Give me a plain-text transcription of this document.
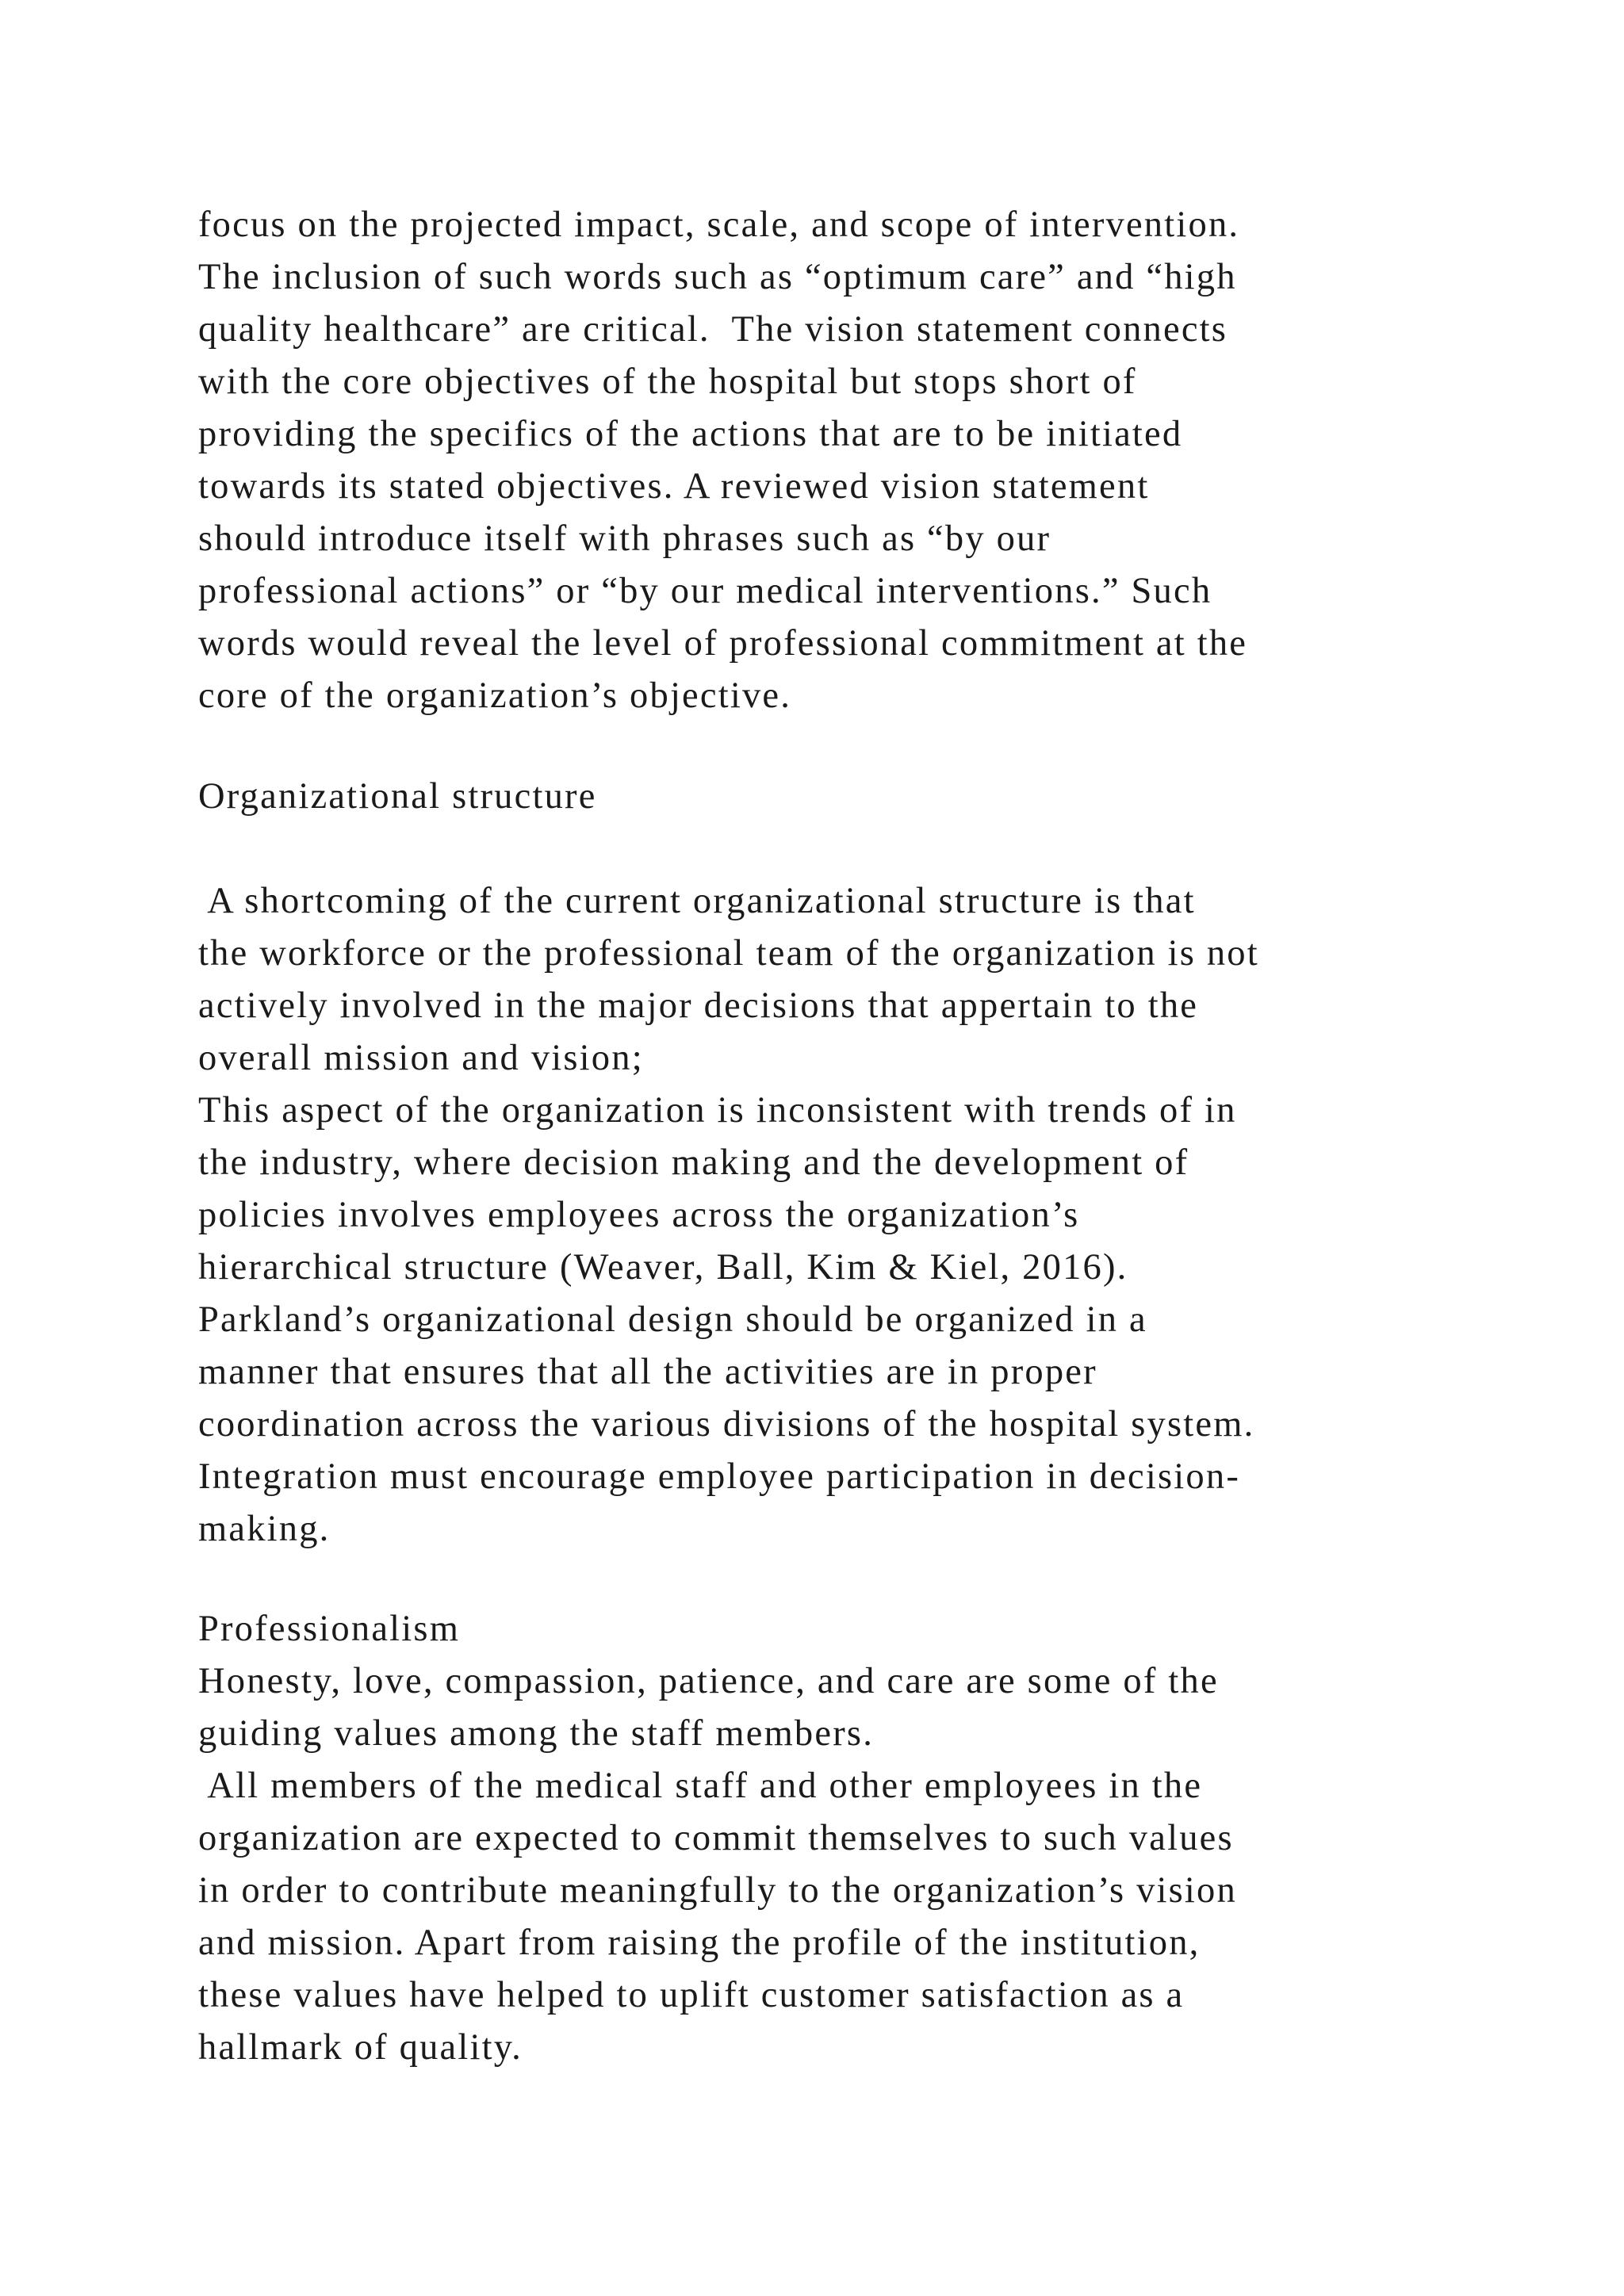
focus on the projected impact, scale, and scope of intervention.
The inclusion of such words such as “optimum care” and “high
quality healthcare” are critical.  The vision statement connects
with the core objectives of the hospital but stops short of
providing the specifics of the actions that are to be initiated
towards its stated objectives. A reviewed vision statement
should introduce itself with phrases such as “by our
professional actions” or “by our medical interventions.” Such
words would reveal the level of professional commitment at the
core of the organization’s objective.
Organizational structure
A shortcoming of the current organizational structure is that
the workforce or the professional team of the organization is not
actively involved in the major decisions that appertain to the
overall mission and vision;
This aspect of the organization is inconsistent with trends of in
the industry, where decision making and the development of
policies involves employees across the organization’s
hierarchical structure (Weaver, Ball, Kim & Kiel, 2016).
Parkland’s organizational design should be organized in a
manner that ensures that all the activities are in proper
coordination across the various divisions of the hospital system.
Integration must encourage employee participation in decision-
making.
Professionalism
Honesty, love, compassion, patience, and care are some of the
guiding values among the staff members.
All members of the medical staff and other employees in the
organization are expected to commit themselves to such values
in order to contribute meaningfully to the organization’s vision
and mission. Apart from raising the profile of the institution,
these values have helped to uplift customer satisfaction as a
hallmark of quality.
